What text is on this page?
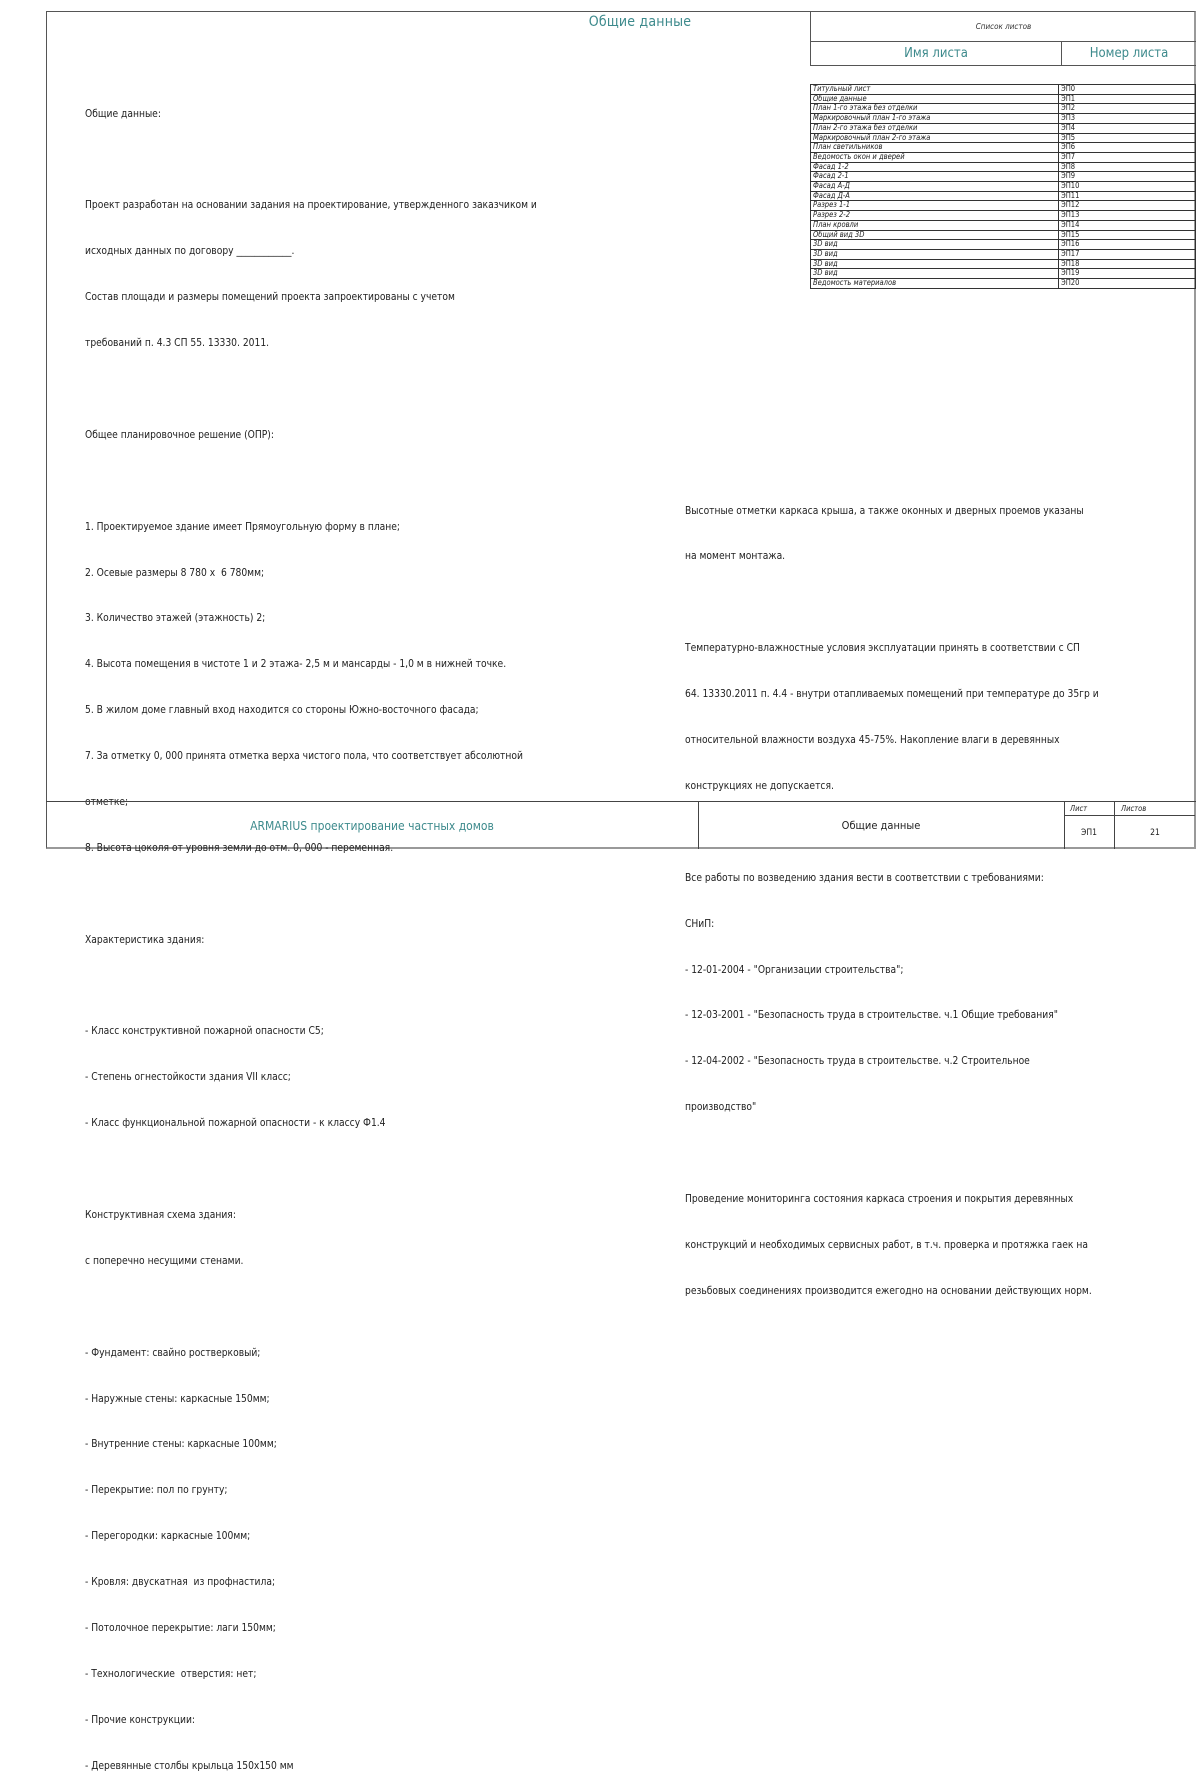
Общие данные	Список листов
Имя листа	Номер листа
Титульный лист	ЭП0
Общие данные	ЭП1
План 1-го этажа без отделки	ЭП2
Маркировочный план 1-го этажа	ЭП3
План 2-го этажа без отделки	ЭП4
Маркировочный план 2-го этажа	ЭП5
План светильников	ЭП6
Ведомость окон и дверей	ЭП7
Фасад 1-2	ЭП8
Фасад 2-1	ЭП9
Фасад А-Д	ЭП10
Фасад Д-А	ЭП11
Разрез 1-1	ЭП12
Разрез 2-2	ЭП13
План кровли	ЭП14
Общий вид 3D	ЭП15
3D вид	ЭП16
3D вид	ЭП17
3D вид	ЭП18
3D вид	ЭП19
Ведомость материалов	ЭП20

Общие данные:

Проект разработан на основании задания на проектирование, утвержденного заказчиком и

исходных данных по договору ____________.

Состав площади и размеры помещений проекта запроектированы с учетом

требований п. 4.3 СП 55. 13330. 2011.

Общее планировочное решение (ОПР):

1. Проектируемое здание имеет Прямоугольную форму в плане;

2. Осевые размеры 8 780 х  6 780мм;

3. Количество этажей (этажность) 2;

4. Высота помещения в чистоте 1 и 2 этажа- 2,5 м и мансарды - 1,0 м в нижней точке.

5. В жилом доме главный вход находится со стороны Южно-восточного фасада;

7. За отметку 0, 000 принята отметка верха чистого пола, что соответствует абсолютной

отметке;

8. Высота цоколя от уровня земли до отм. 0, 000 - переменная.

Характеристика здания:

- Класс конструктивной пожарной опасности С5;

- Степень огнестойкости здания VII класс;

- Класс функциональной пожарной опасности - к классу Ф1.4

Конструктивная схема здания:

с поперечно несущими стенами.

- Фундамент: свайно ростверковый;

- Наружные стены: каркасные 150мм;

- Внутренние стены: каркасные 100мм;

- Перекрытие: пол по грунту;

- Перегородки: каркасные 100мм;

- Кровля: двускатная  из профнастила;

- Потолочное перекрытие: лаги 150мм;

- Технологические  отверстия: нет;

- Прочие конструкции:

- Деревянные столбы крыльца 150х150 мм

Высотные отметки каркаса крыша, а также оконных и дверных проемов указаны

на момент монтажа.

Температурно-влажностные условия эксплуатации принять в соответствии с СП

64. 13330.2011 п. 4.4 - внутри отапливаемых помещений при температуре до 35гр и

относительной влажности воздуха 45-75%. Накопление влаги в деревянных

конструкциях не допускается.

Все работы по возведению здания вести в соответствии с требованиями:

СНиП:

- 12-01-2004 - "Организации строительства";

- 12-03-2001 - "Безопасность труда в строительстве. ч.1 Общие требования"

- 12-04-2002 - "Безопасность труда в строительстве. ч.2 Строительное

производство"

Проведение мониторинга состояния каркаса строения и покрытия деревянных

конструкций и необходимых сервисных работ, в т.ч. проверка и протяжка гаек на

резьбовых соединениях производится ежегодно на основании действующих норм.

ARMARIUS проектирование частных домов	Общие данные
Лист	Листов
ЭП1	21
